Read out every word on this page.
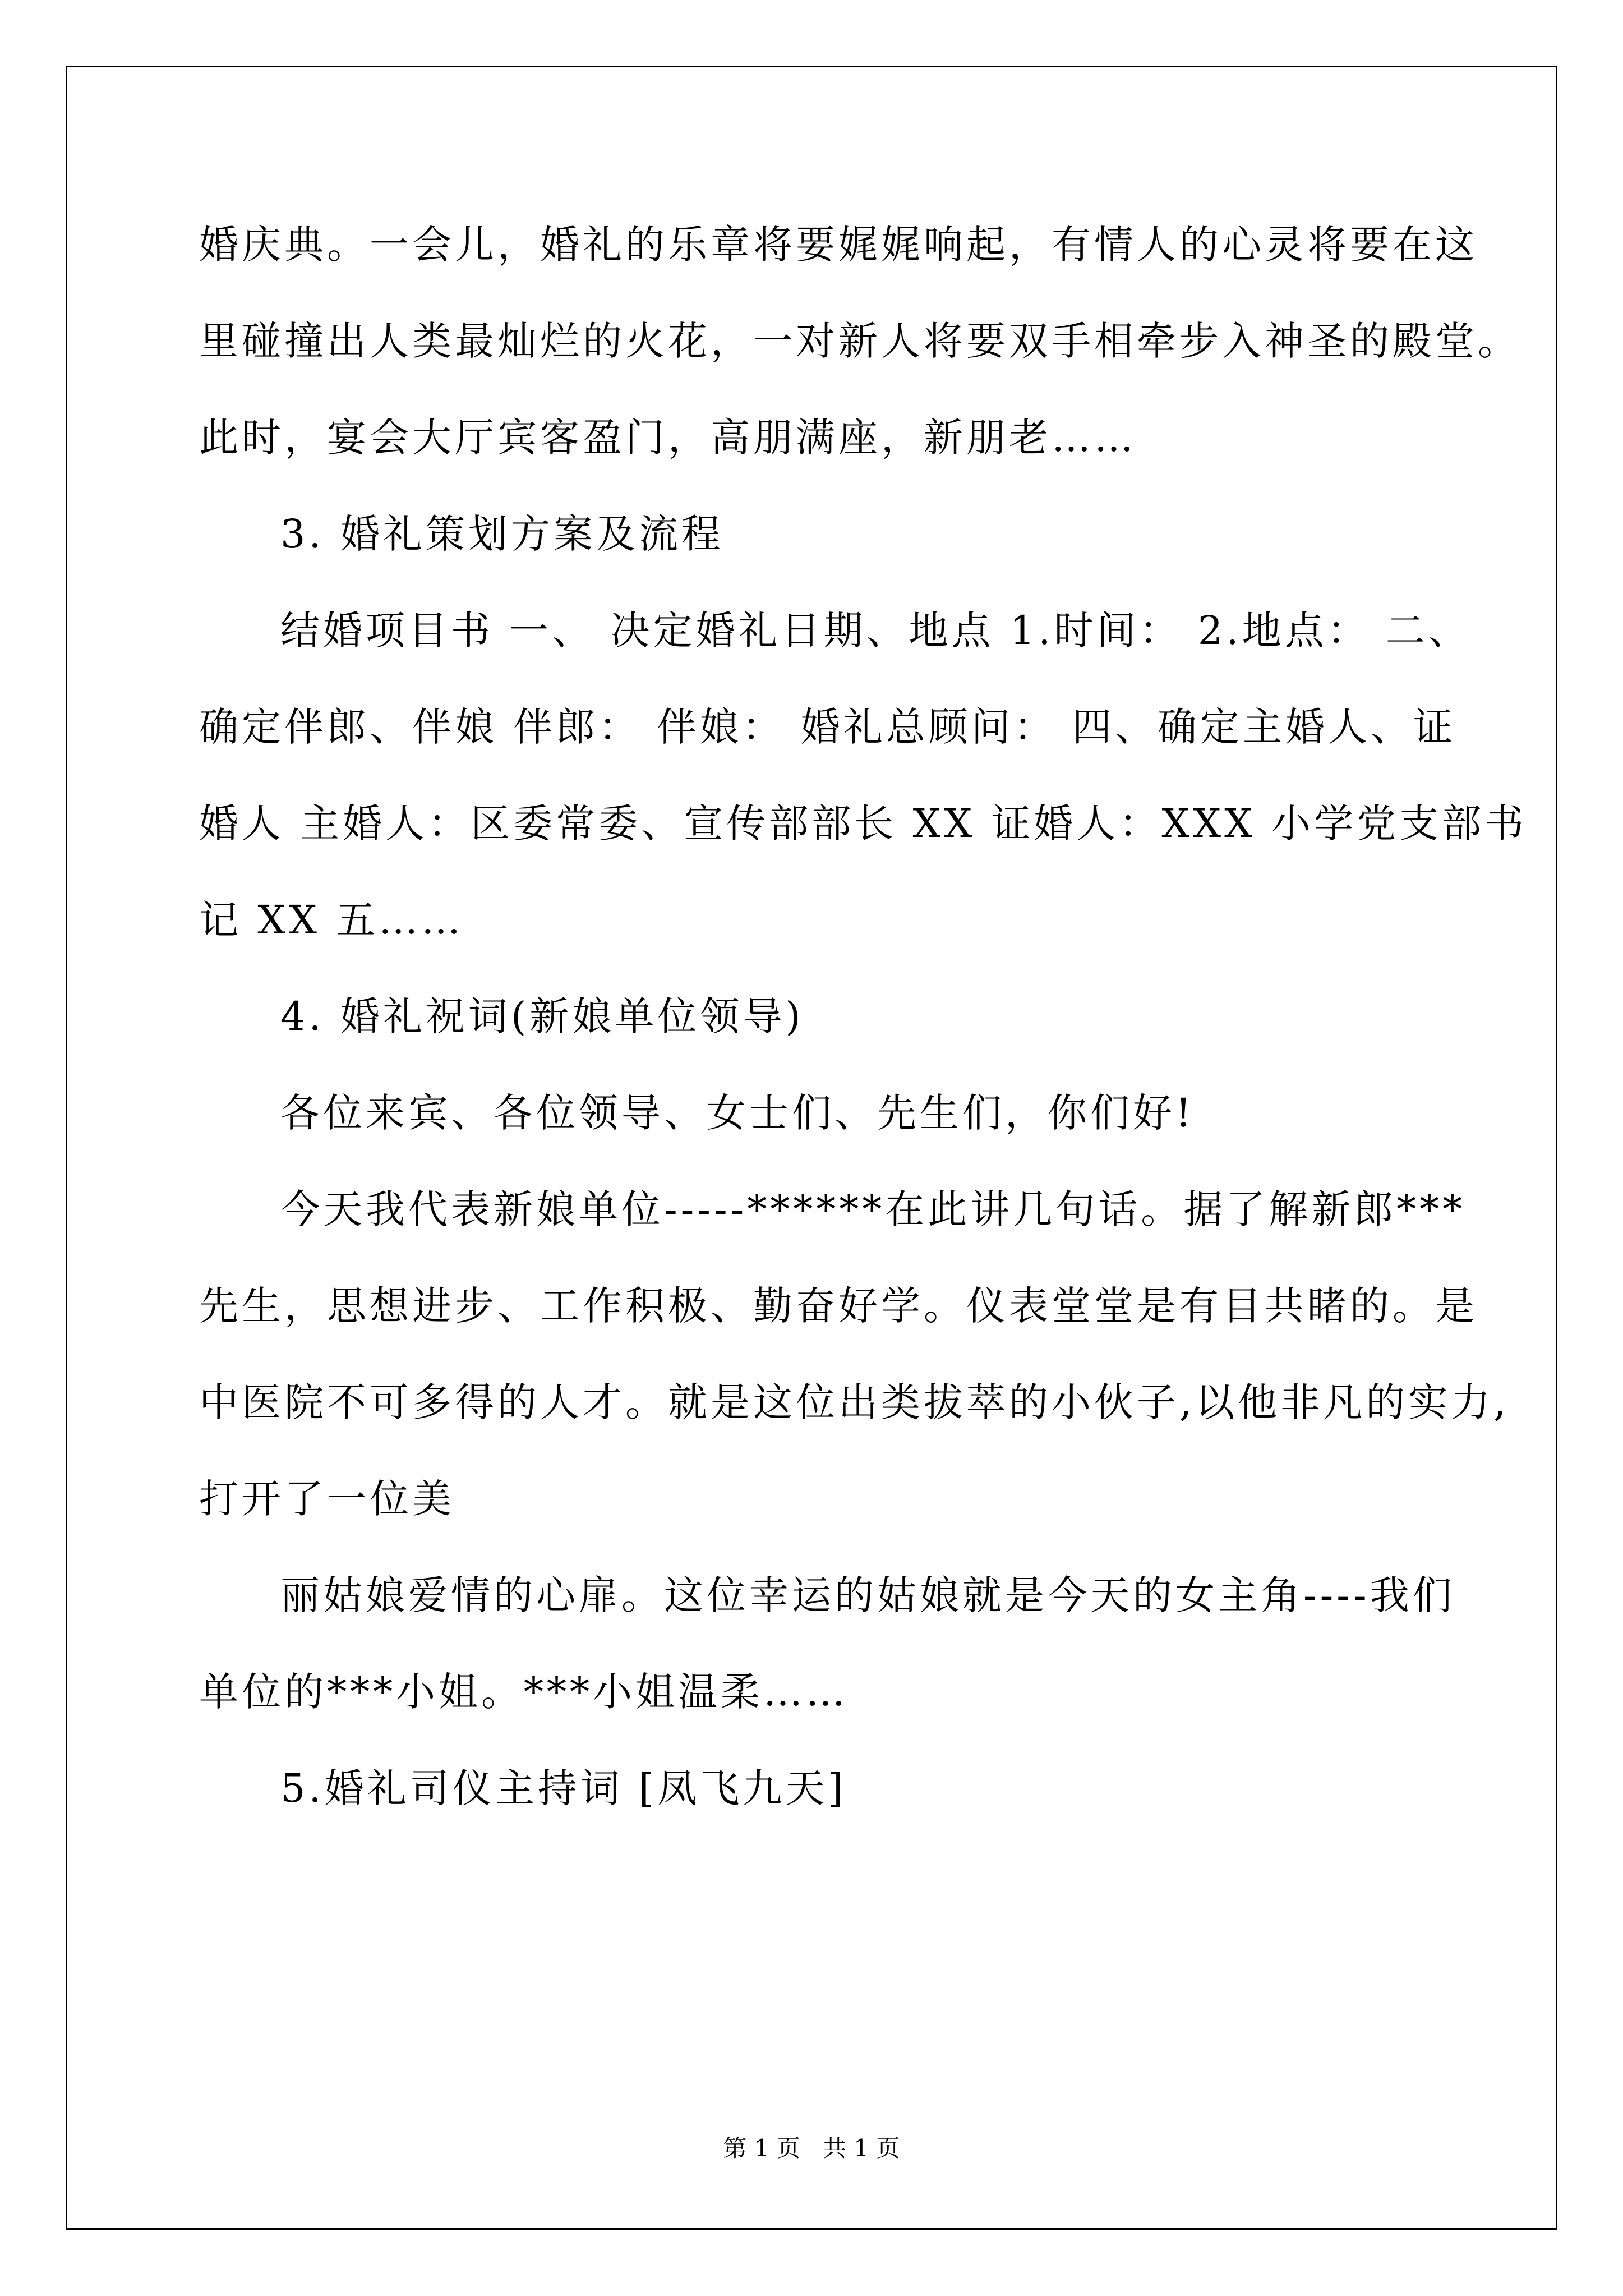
婚庆典。一会儿，婚礼的乐章将要娓娓响起，有情人的心灵将要在这
里碰撞出人类最灿烂的火花，一对新人将要双手相牵步入神圣的殿堂。
此时，宴会大厅宾客盈门，高朋满座，新朋老……
3. 婚礼策划方案及流程
结婚项目书 一、 决定婚礼日期、地点 1.时间： 2.地点： 二、
确定伴郎、伴娘 伴郎： 伴娘： 婚礼总顾问： 四、确定主婚人、证
婚人 主婚人：区委常委、宣传部部长 XX 证婚人：XXX 小学党支部书
记 XX 五……
4. 婚礼祝词(新娘单位领导)
各位来宾、各位领导、女士们、先生们，你们好!
今天我代表新娘单位-----******在此讲几句话。据了解新郎***
先生，思想进步、工作积极、勤奋好学。仪表堂堂是有目共睹的。是
中医院不可多得的人才。就是这位出类拔萃的小伙子,以他非凡的实力,
打开了一位美
丽姑娘爱情的心扉。这位幸运的姑娘就是今天的女主角----我们
单位的***小姐。***小姐温柔……
5.婚礼司仪主持词 [凤飞九天]
第 1 页   共 1 页
